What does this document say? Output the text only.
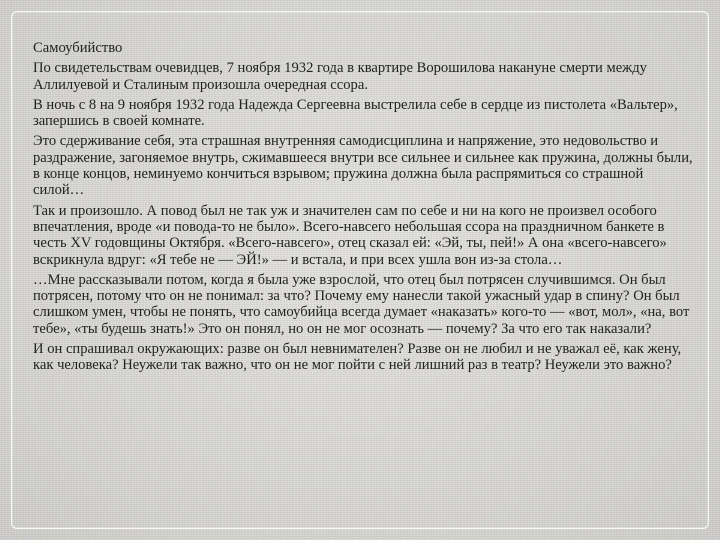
Самоубийство

По свидетельствам очевидцев, 7 ноября 1932 года в квартире Ворошилова накануне смерти между Аллилуевой и Сталиным произошла очередная ссора.

В ночь с 8 на 9 ноября 1932 года Надежда Сергеевна выстрелила себе в сердце из пистолета «Вальтер», запершись в своей комнате.

Это сдерживание себя, эта страшная внутренняя самодисциплина и напряжение, это недовольство и раздражение, загоняемое внутрь, сжимавшееся внутри все сильнее и сильнее как пружина, должны были, в конце концов, неминуемо кончиться взрывом; пружина должна была распрямиться со страшной силой…

Так и произошло. А повод был не так уж и значителен сам по себе и ни на кого не произвел особого впечатления, вроде «и повода-то не было». Всего-навсего небольшая ссора на праздничном банкете в честь XV годовщины Октября. «Всего-навсего», отец сказал ей: «Эй, ты, пей!» А она «всего-навсего» вскрикнула вдруг: «Я тебе не — ЭЙ!» — и встала, и при всех ушла вон из-за стола…

…Мне рассказывали потом, когда я была уже взрослой, что отец был потрясен случившимся. Он был потрясен, потому что он не понимал: за что? Почему ему нанесли такой ужасный удар в спину? Он был слишком умен, чтобы не понять, что самоубийца всегда думает «наказать» кого-то — «вот, мол», «на, вот тебе», «ты будешь знать!» Это он понял, но он не мог осознать — почему? За что его так наказали?

И он спрашивал окружающих: разве он был невнимателен? Разве он не любил и не уважал её, как жену, как человека? Неужели так важно, что он не мог пойти с ней лишний раз в театр? Неужели это важно?
